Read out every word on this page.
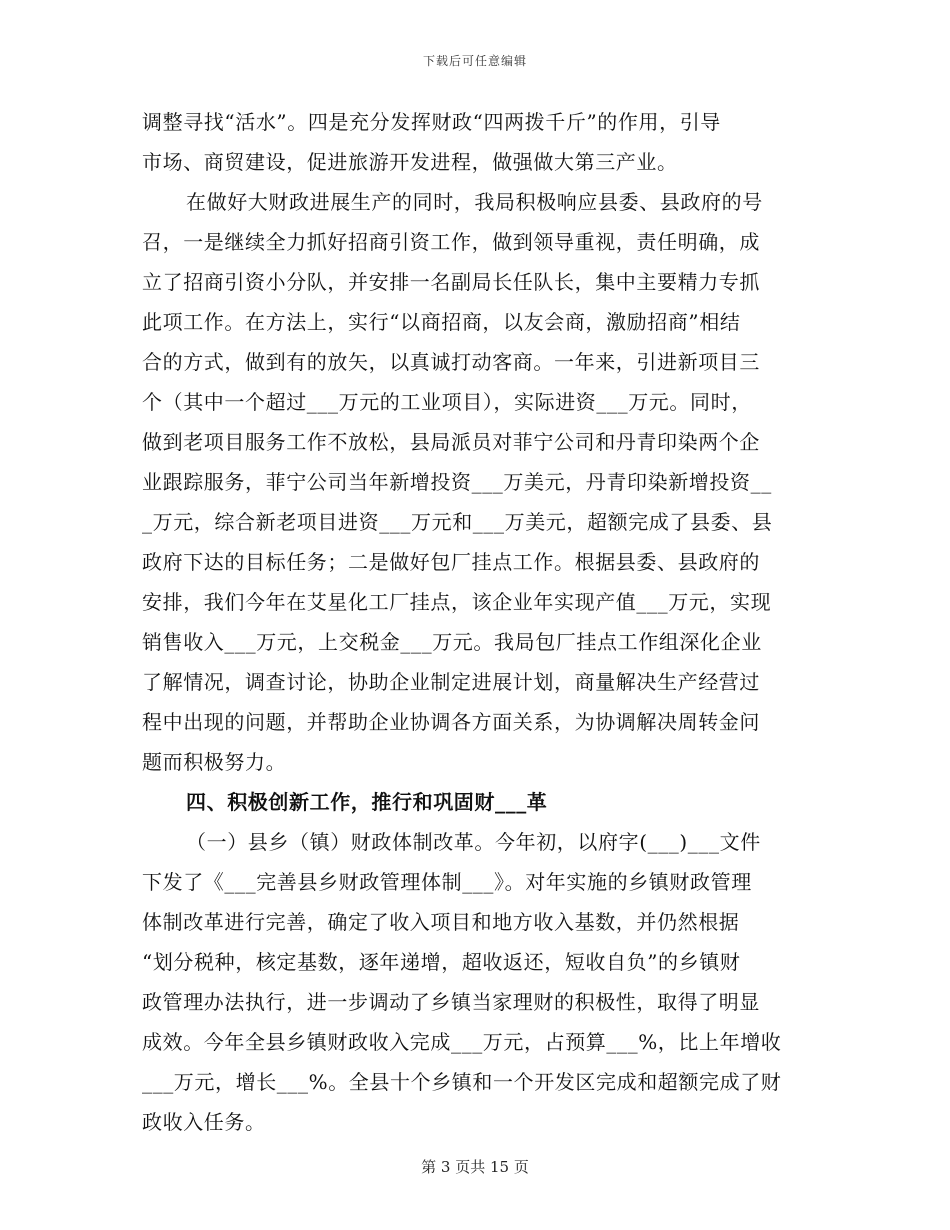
下载后可任意编辑
调整寻找“活水”。四是充分发挥财政“四两拨千斤”的作用，引导
市场、商贸建设，促进旅游开发进程，做强做大第三产业。
在做好大财政进展生产的同时，我局积极响应县委、县政府的号
召，一是继续全力抓好招商引资工作，做到领导重视，责任明确，成
立了招商引资小分队，并安排一名副局长任队长，集中主要精力专抓
此项工作。在方法上，实行“以商招商，以友会商，激励招商”相结
合的方式，做到有的放矢，以真诚打动客商。一年来，引进新项目三
个（其中一个超过___万元的工业项目），实际进资___万元。同时，
做到老项目服务工作不放松，县局派员对菲宁公司和丹青印染两个企
业跟踪服务，菲宁公司当年新增投资___万美元，丹青印染新增投资__
_万元，综合新老项目进资___万元和___万美元，超额完成了县委、县
政府下达的目标任务；二是做好包厂挂点工作。根据县委、县政府的
安排，我们今年在艾星化工厂挂点，该企业年实现产值___万元，实现
销售收入___万元，上交税金___万元。我局包厂挂点工作组深化企业
了解情况，调查讨论，协助企业制定进展计划，商量解决生产经营过
程中出现的问题，并帮助企业协调各方面关系，为协调解决周转金问
题而积极努力。
四、积极创新工作，推行和巩固财___革
（一）县乡（镇）财政体制改革。今年初，以府字(___)___文件
下发了《___完善县乡财政管理体制___》。对年实施的乡镇财政管理
体制改革进行完善，确定了收入项目和地方收入基数，并仍然根据
“划分税种，核定基数，逐年递增，超收返还，短收自负”的乡镇财
政管理办法执行，进一步调动了乡镇当家理财的积极性，取得了明显
成效。今年全县乡镇财政收入完成___万元，占预算___%，比上年增收
___万元，增长___%。全县十个乡镇和一个开发区完成和超额完成了财
政收入任务。
第 3 页共 15 页
